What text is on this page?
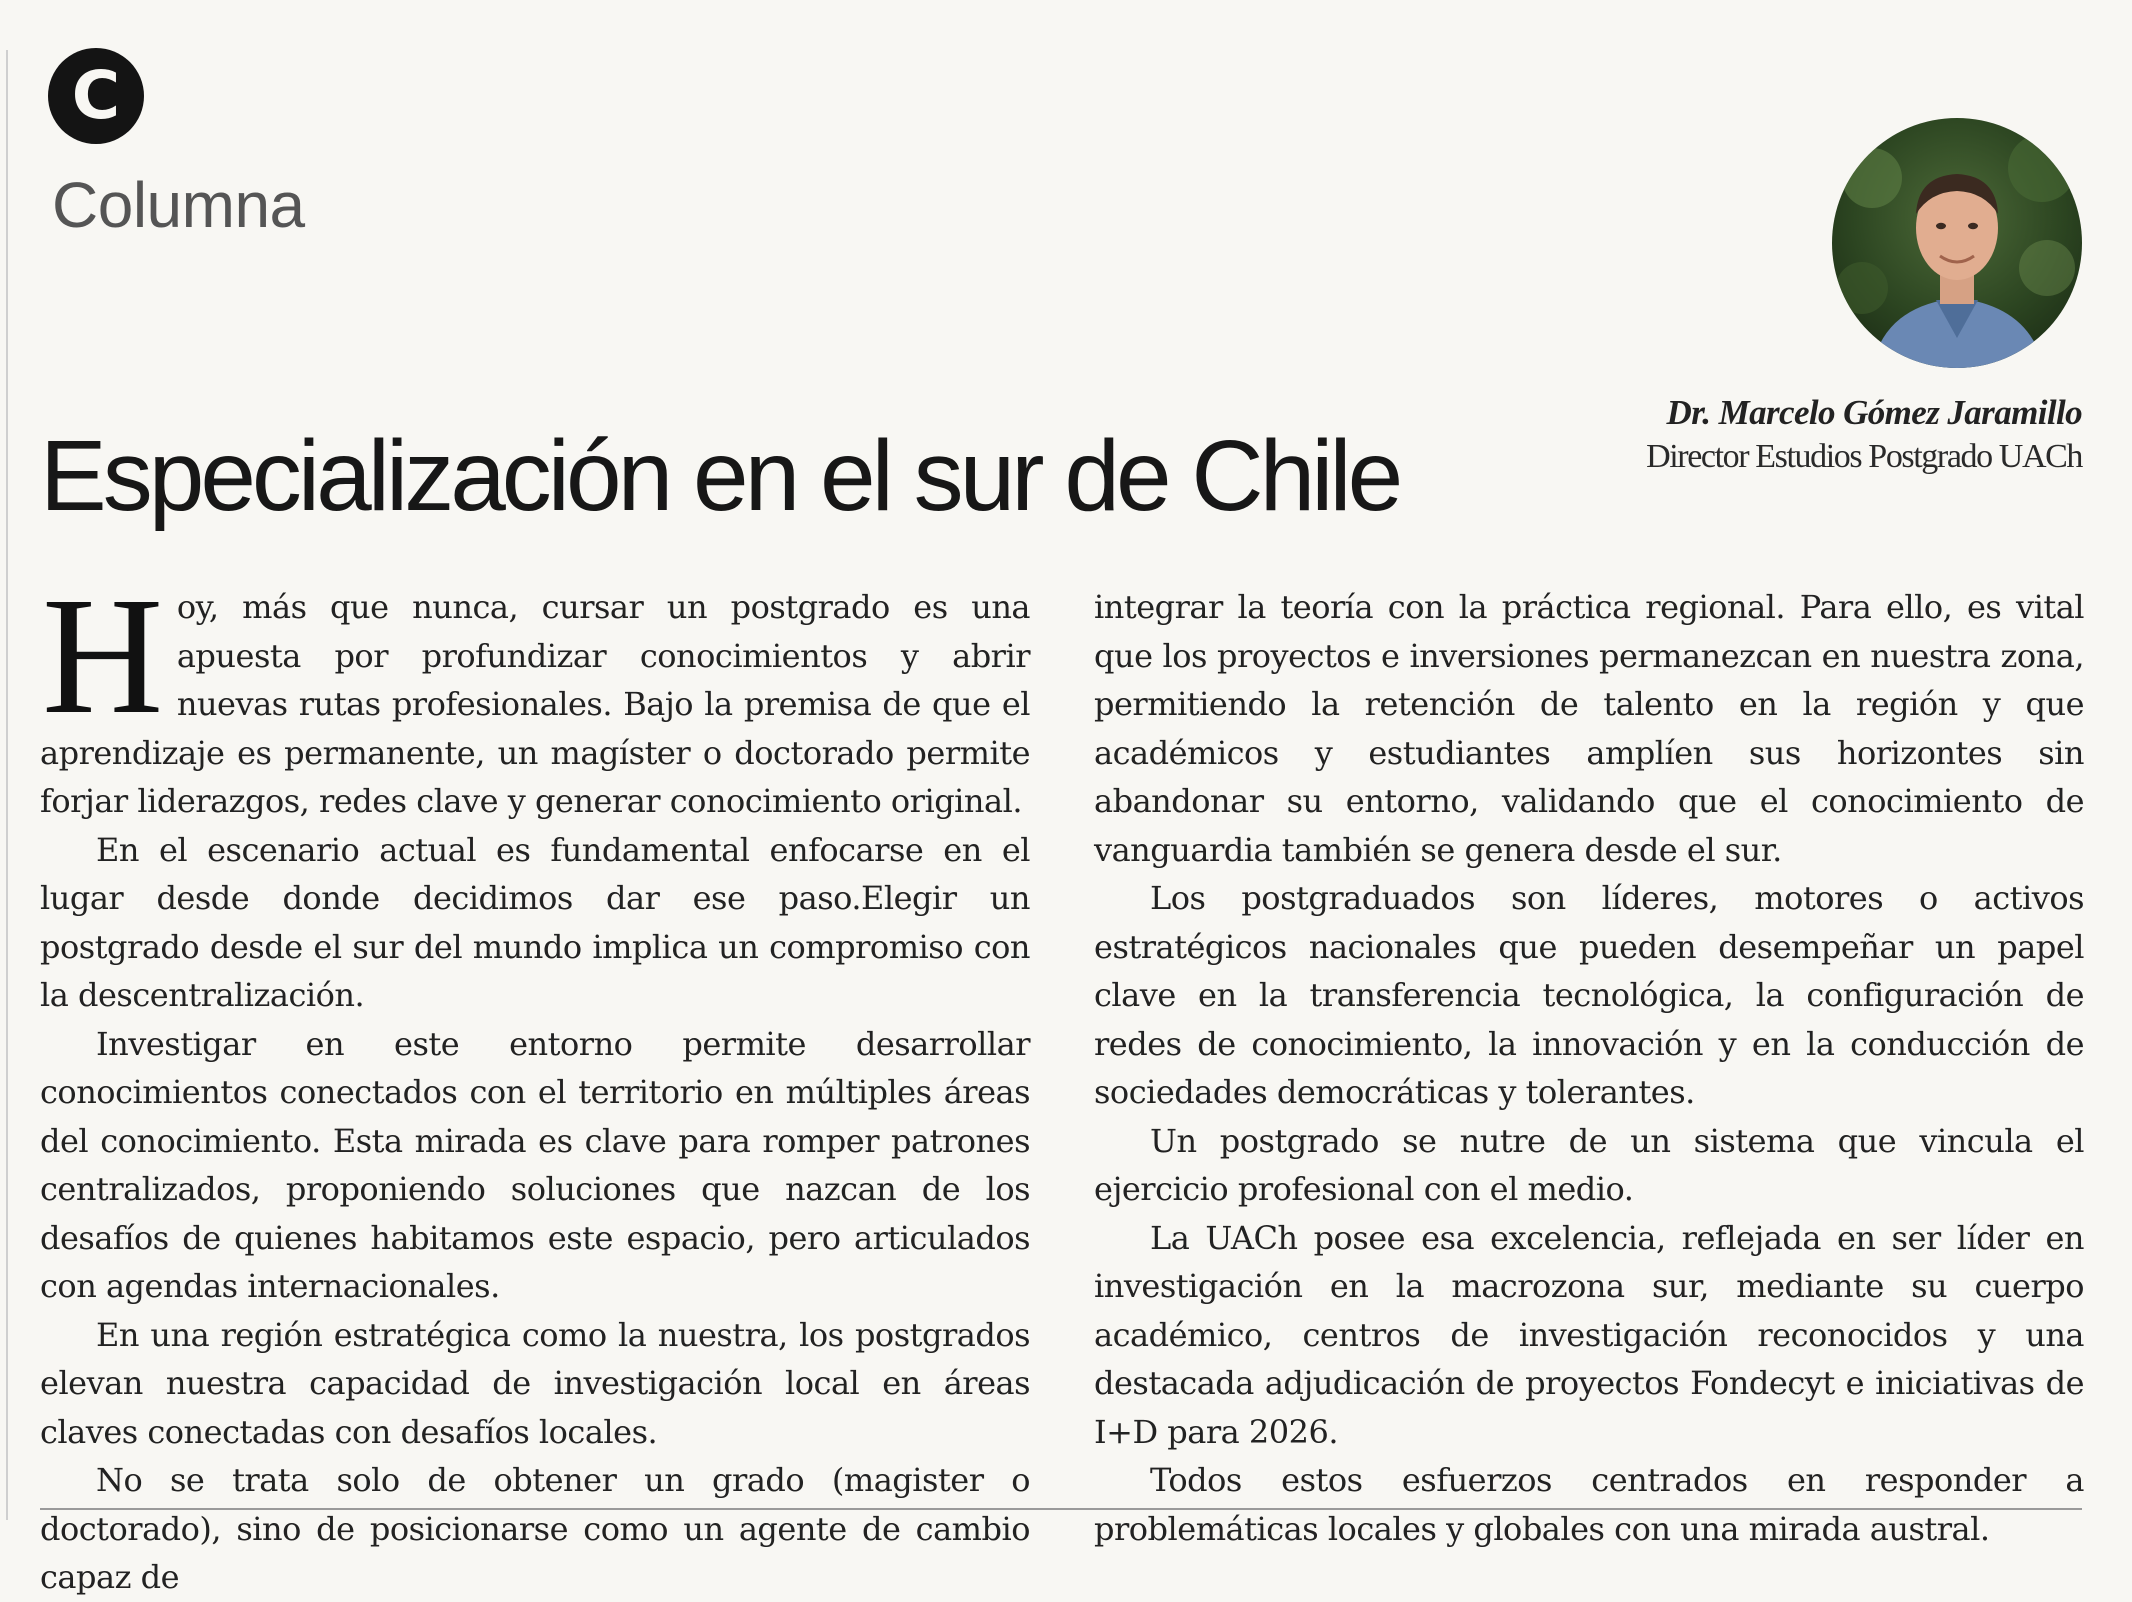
C
Columna
Dr. Marcelo Gómez Jaramillo
Director Estudios Postgrado UACh
Especialización en el sur de Chile

Hoy, más que nunca, cursar un postgrado es una apuesta por profundizar conocimientos y abrir nuevas rutas profesionales. Bajo la premisa de que el aprendizaje es permanente, un magíster o doctorado permite forjar liderazgos, redes clave y generar conocimiento original.

En el escenario actual es fundamental enfocarse en el lugar desde donde decidimos dar ese paso.Elegir un postgrado desde el sur del mundo implica un compromiso con la descentralización.

Investigar en este entorno permite desarrollar conocimientos conectados con el territorio en múltiples áreas del conocimiento. Esta mirada es clave para romper patrones centralizados, proponiendo soluciones que nazcan de los desafíos de quienes habitamos este espacio, pero articulados con agendas internacionales.

En una región estratégica como la nuestra, los postgrados elevan nuestra capacidad de investigación local en áreas claves conectadas con desafíos locales.

No se trata solo de obtener un grado (magister o doctorado), sino de posicionarse como un agente de cambio capaz de

integrar la teoría con la práctica regional. Para ello, es vital que los proyectos e inversiones permanezcan en nuestra zona, permitiendo la retención de talento en la región y que académicos y estudiantes amplíen sus horizontes sin abandonar su entorno, validando que el conocimiento de vanguardia también se genera desde el sur.

Los postgraduados son líderes, motores o activos estratégicos nacionales que pueden desempeñar un papel clave en la transferencia tecnológica, la configuración de redes de conocimiento, la innovación y en la conducción de sociedades democráticas y tolerantes.

Un postgrado se nutre de un sistema que vincula el ejercicio profesional con el medio.

La UACh posee esa excelencia, reflejada en ser líder en investigación en la macrozona sur, mediante su cuerpo académico, centros de investigación reconocidos y una destacada adjudicación de proyectos Fondecyt e iniciativas de I+D para 2026.

Todos estos esfuerzos centrados en responder a problemáticas locales y globales con una mirada austral.
